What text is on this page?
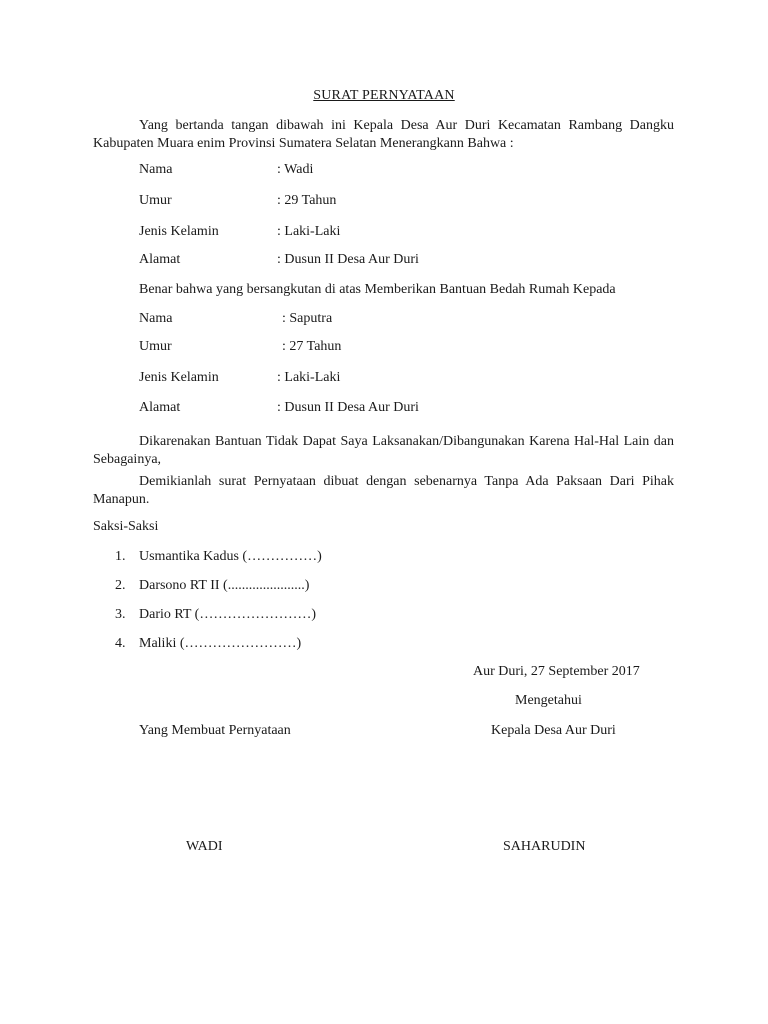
SURAT PERNYATAAN
Yang bertanda tangan dibawah ini Kepala Desa Aur Duri Kecamatan Rambang Dangku Kabupaten Muara enim Provinsi Sumatera Selatan Menerangkann Bahwa :
Nama	: Wadi
Umur	: 29 Tahun
Jenis Kelamin	: Laki-Laki
Alamat	: Dusun II Desa Aur Duri
Benar bahwa yang bersangkutan di atas Memberikan Bantuan Bedah Rumah Kepada
Nama	: Saputra
Umur	: 27 Tahun
Jenis Kelamin	: Laki-Laki
Alamat	: Dusun II Desa Aur Duri
Dikarenakan Bantuan Tidak Dapat Saya Laksanakan/Dibangunakan Karena Hal-Hal Lain dan Sebagainya,
Demikianlah surat Pernyataan dibuat dengan sebenarnya Tanpa Ada Paksaan Dari Pihak Manapun.
Saksi-Saksi
1. Usmantika Kadus (……………)
2. Darsono RT II (......................)
3. Dario RT (……………………)
4. Maliki (……………………)
Aur Duri, 27 September 2017
Mengetahui
Yang Membuat Pernyataan	Kepala Desa Aur Duri
WADI	SAHARUDIN
